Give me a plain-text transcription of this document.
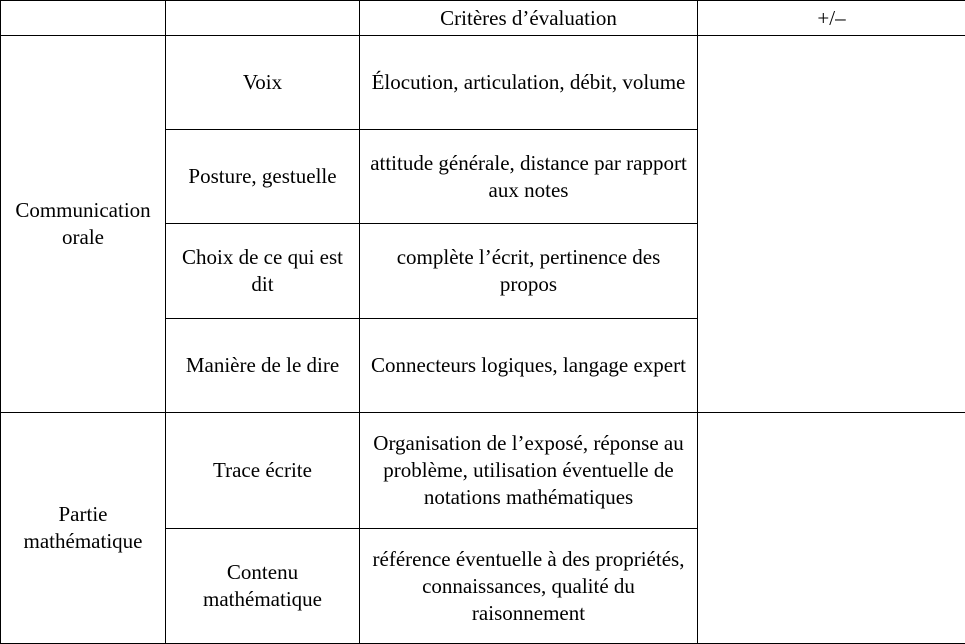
		Critères d’évaluation	+/–
Communication orale	Voix	Élocution, articulation, débit, volume	
	Posture, gestuelle	attitude générale, distance par rapport aux notes	
	Choix de ce qui est dit	complète l’écrit, pertinence des propos	
	Manière de le dire	Connecteurs logiques, langage expert	
Partie mathématique	Trace écrite	Organisation de l’exposé, réponse au problème, utilisation éventuelle de notations mathématiques	
	Contenu mathématique	référence éventuelle à des propriétés, connaissances, qualité du raisonnement	
